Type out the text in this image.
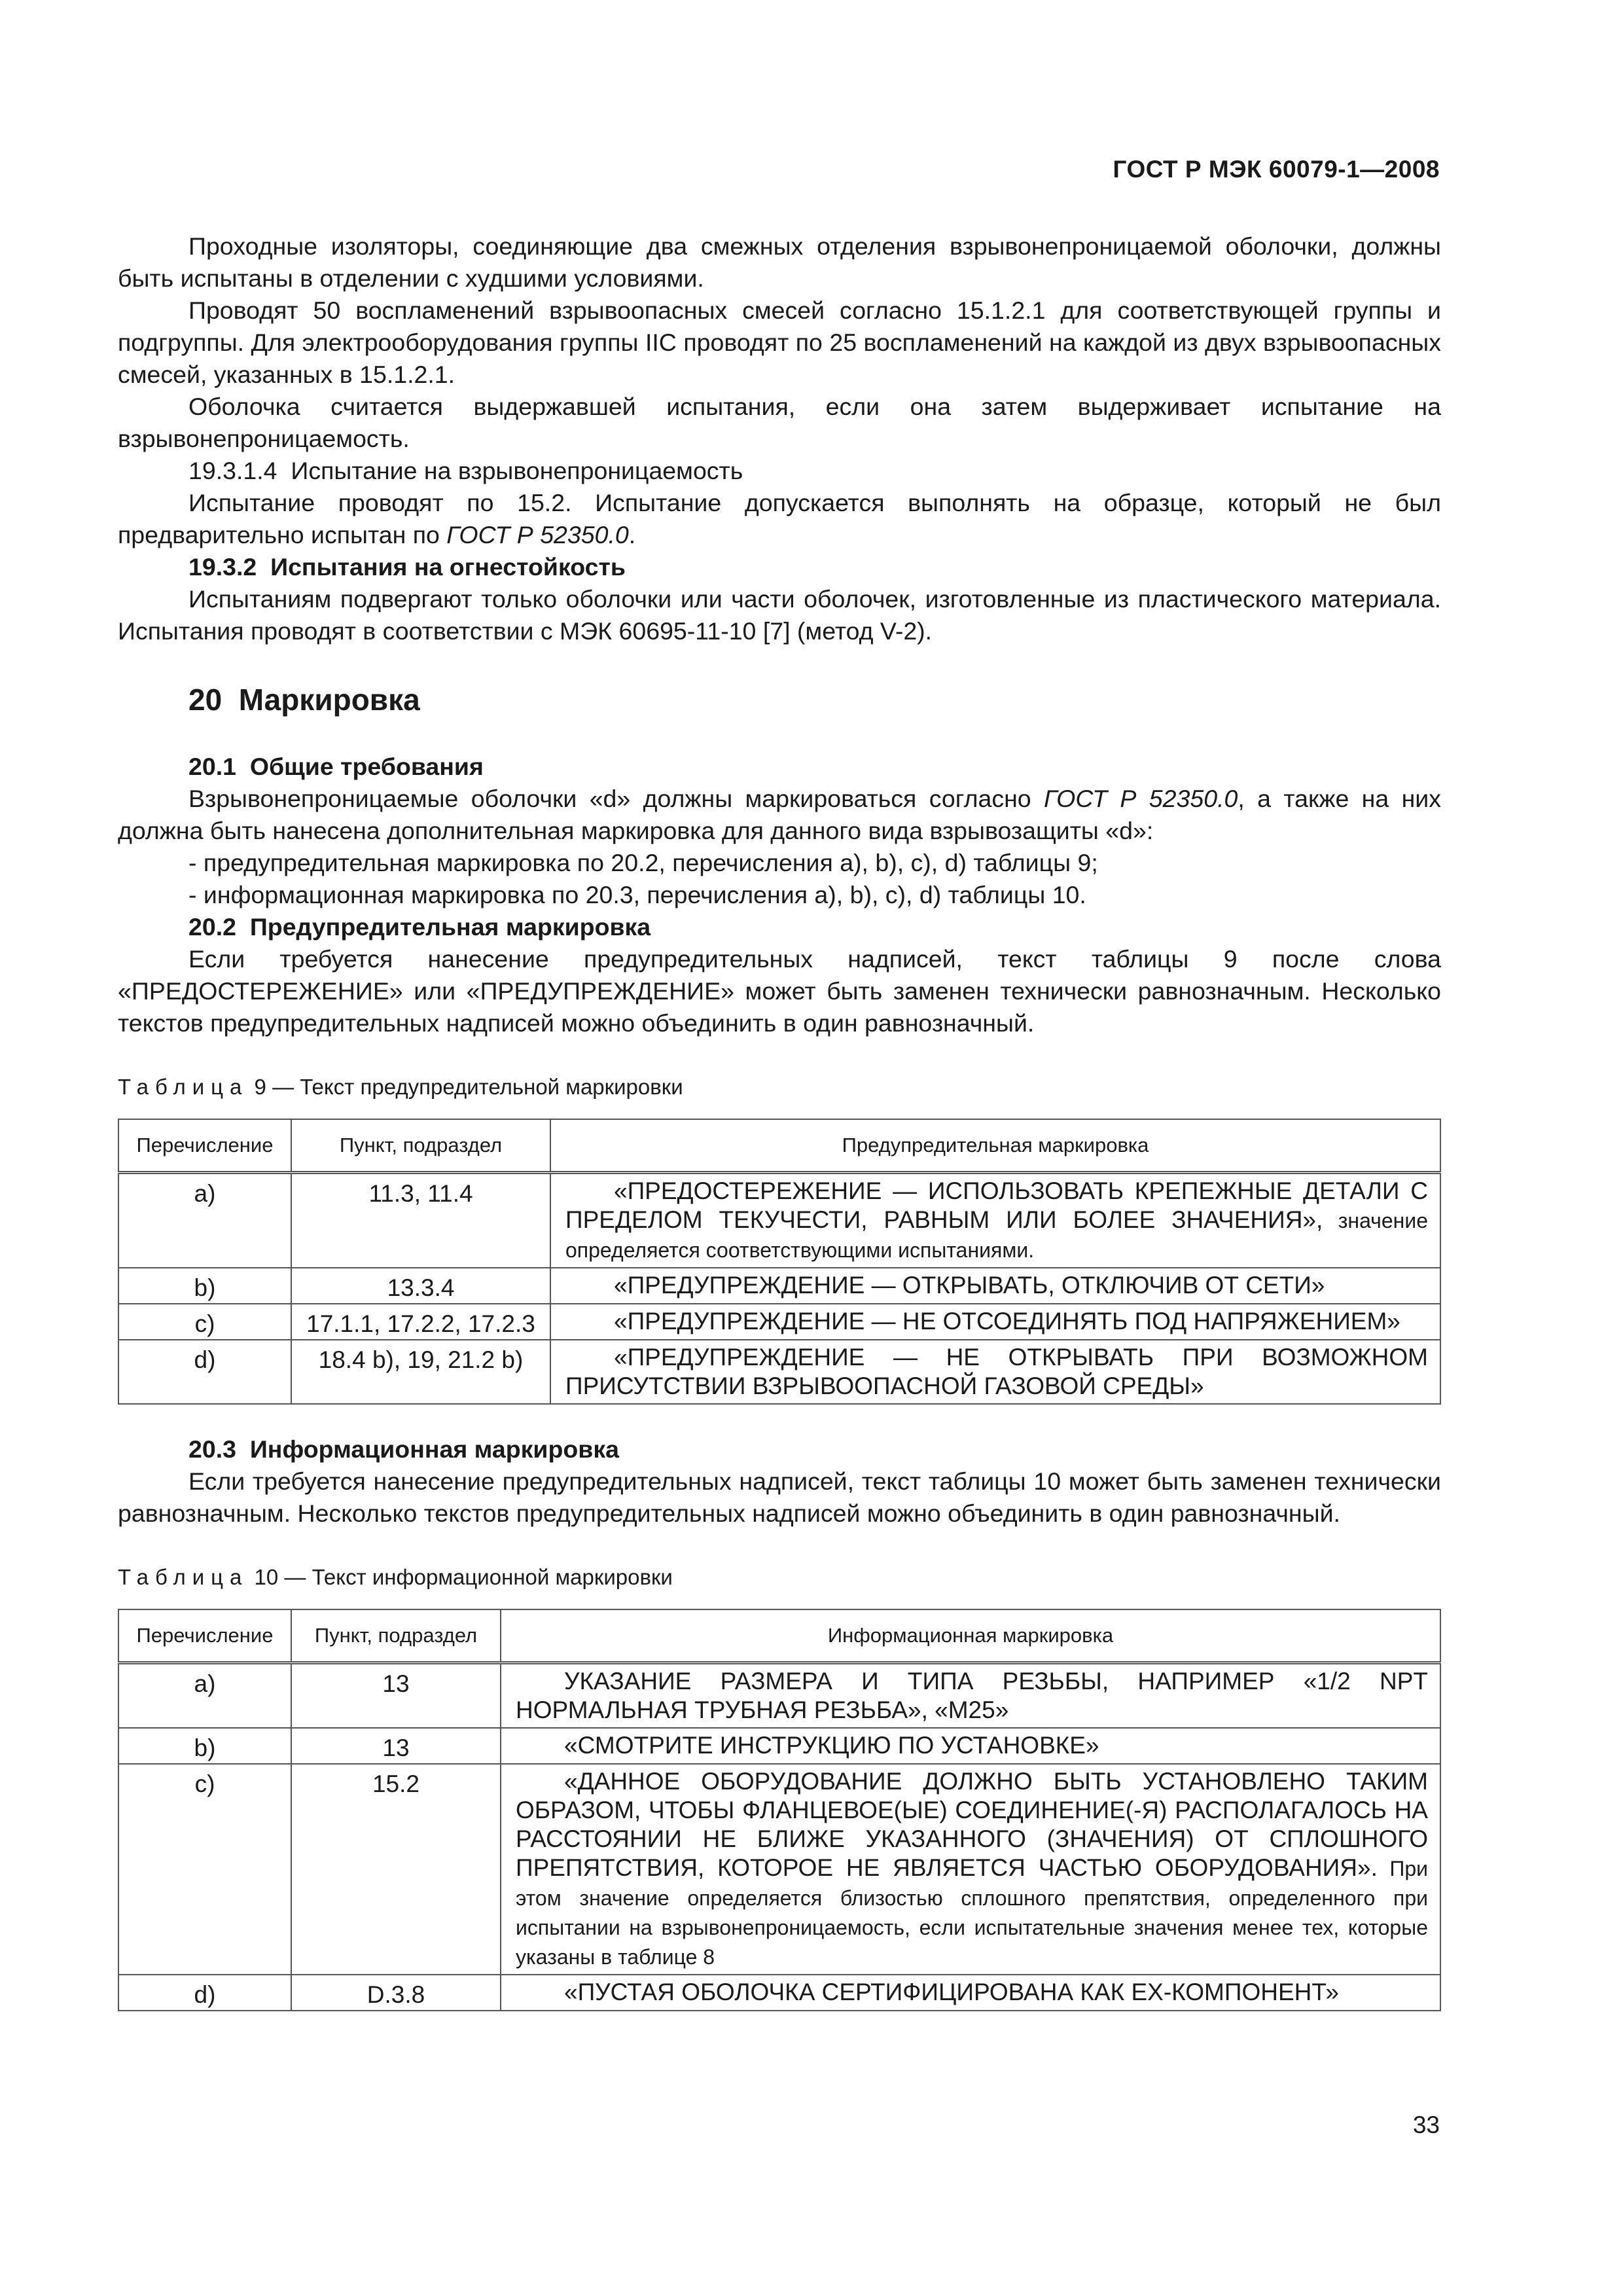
ГОСТ Р МЭК 60079-1—2008

Проходные изоляторы, соединяющие два смежных отделения взрывонепроницаемой оболочки, должны быть испытаны в отделении с худшими условиями.

Проводят 50 воспламенений взрывоопасных смесей согласно 15.1.2.1 для соответствующей группы и подгруппы. Для электрооборудования группы IIC проводят по 25 воспламенений на каждой из двух взрывоопасных смесей, указанных в 15.1.2.1.

Оболочка считается выдержавшей испытания, если она затем выдерживает испытание на взрывонепроницаемость.

19.3.1.4 Испытание на взрывонепроницаемость

Испытание проводят по 15.2. Испытание допускается выполнять на образце, который не был предварительно испытан по ГОСТ Р 52350.0.

19.3.2 Испытания на огнестойкость

Испытаниям подвергают только оболочки или части оболочек, изготовленные из пластического материала. Испытания проводят в соответствии с МЭК 60695-11-10 [7] (метод V-2).

20 Маркировка

20.1 Общие требования

Взрывонепроницаемые оболочки «d» должны маркироваться согласно ГОСТ Р 52350.0, а также на них должна быть нанесена дополнительная маркировка для данного вида взрывозащиты «d»:

- предупредительная маркировка по 20.2, перечисления a), b), c), d) таблицы 9;

- информационная маркировка по 20.3, перечисления a), b), c), d) таблицы 10.

20.2 Предупредительная маркировка

Если требуется нанесение предупредительных надписей, текст таблицы 9 после слова «ПРЕДОСТЕРЕЖЕНИЕ» или «ПРЕДУПРЕЖДЕНИЕ» может быть заменен технически равнозначным. Несколько текстов предупредительных надписей можно объединить в один равнозначный.

Таблица 9 — Текст предупредительной маркировки
Перечисление	Пункт, подраздел	Предупредительная маркировка
a)	11.3, 11.4	«ПРЕДОСТЕРЕЖЕНИЕ — ИСПОЛЬЗОВАТЬ КРЕПЕЖНЫЕ ДЕТАЛИ С ПРЕДЕЛОМ ТЕКУЧЕСТИ, РАВНЫМ ИЛИ БОЛЕЕ ЗНАЧЕНИЯ», значение определяется соответствующими испытаниями.
b)	13.3.4	«ПРЕДУПРЕЖДЕНИЕ — ОТКРЫВАТЬ, ОТКЛЮЧИВ ОТ СЕТИ»
c)	17.1.1, 17.2.2, 17.2.3	«ПРЕДУПРЕЖДЕНИЕ — НЕ ОТСОЕДИНЯТЬ ПОД НАПРЯЖЕНИЕМ»
d)	18.4 b), 19, 21.2 b)	«ПРЕДУПРЕЖДЕНИЕ — НЕ ОТКРЫВАТЬ ПРИ ВОЗМОЖНОМ ПРИСУТСТВИИ ВЗРЫВООПАСНОЙ ГАЗОВОЙ СРЕДЫ»

20.3 Информационная маркировка

Если требуется нанесение предупредительных надписей, текст таблицы 10 может быть заменен технически равнозначным. Несколько текстов предупредительных надписей можно объединить в один равнозначный.

Таблица 10 — Текст информационной маркировки
Перечисление	Пункт, подраздел	Информационная маркировка
a)	13	УКАЗАНИЕ РАЗМЕРА И ТИПА РЕЗЬБЫ, НАПРИМЕР «1/2 NPT НОРМАЛЬНАЯ ТРУБНАЯ РЕЗЬБА», «M25»
b)	13	«СМОТРИТЕ ИНСТРУКЦИЮ ПО УСТАНОВКЕ»
c)	15.2	«ДАННОЕ ОБОРУДОВАНИЕ ДОЛЖНО БЫТЬ УСТАНОВЛЕНО ТАКИМ ОБРАЗОМ, ЧТОБЫ ФЛАНЦЕВОЕ(ЫЕ) СОЕДИНЕНИЕ(-Я) РАСПОЛАГАЛОСЬ НА РАССТОЯНИИ НЕ БЛИЖЕ УКАЗАННОГО (ЗНАЧЕНИЯ) ОТ СПЛОШНОГО ПРЕПЯТСТВИЯ, КОТОРОЕ НЕ ЯВЛЯЕТСЯ ЧАСТЬЮ ОБОРУДОВАНИЯ». При этом значение определяется близостью сплошного препятствия, определенного при испытании на взрывонепроницаемость, если испытательные значения менее тех, которые указаны в таблице 8
d)	D.3.8	«ПУСТАЯ ОБОЛОЧКА СЕРТИФИЦИРОВАНА КАК EX-КОМПОНЕНТ»
33
